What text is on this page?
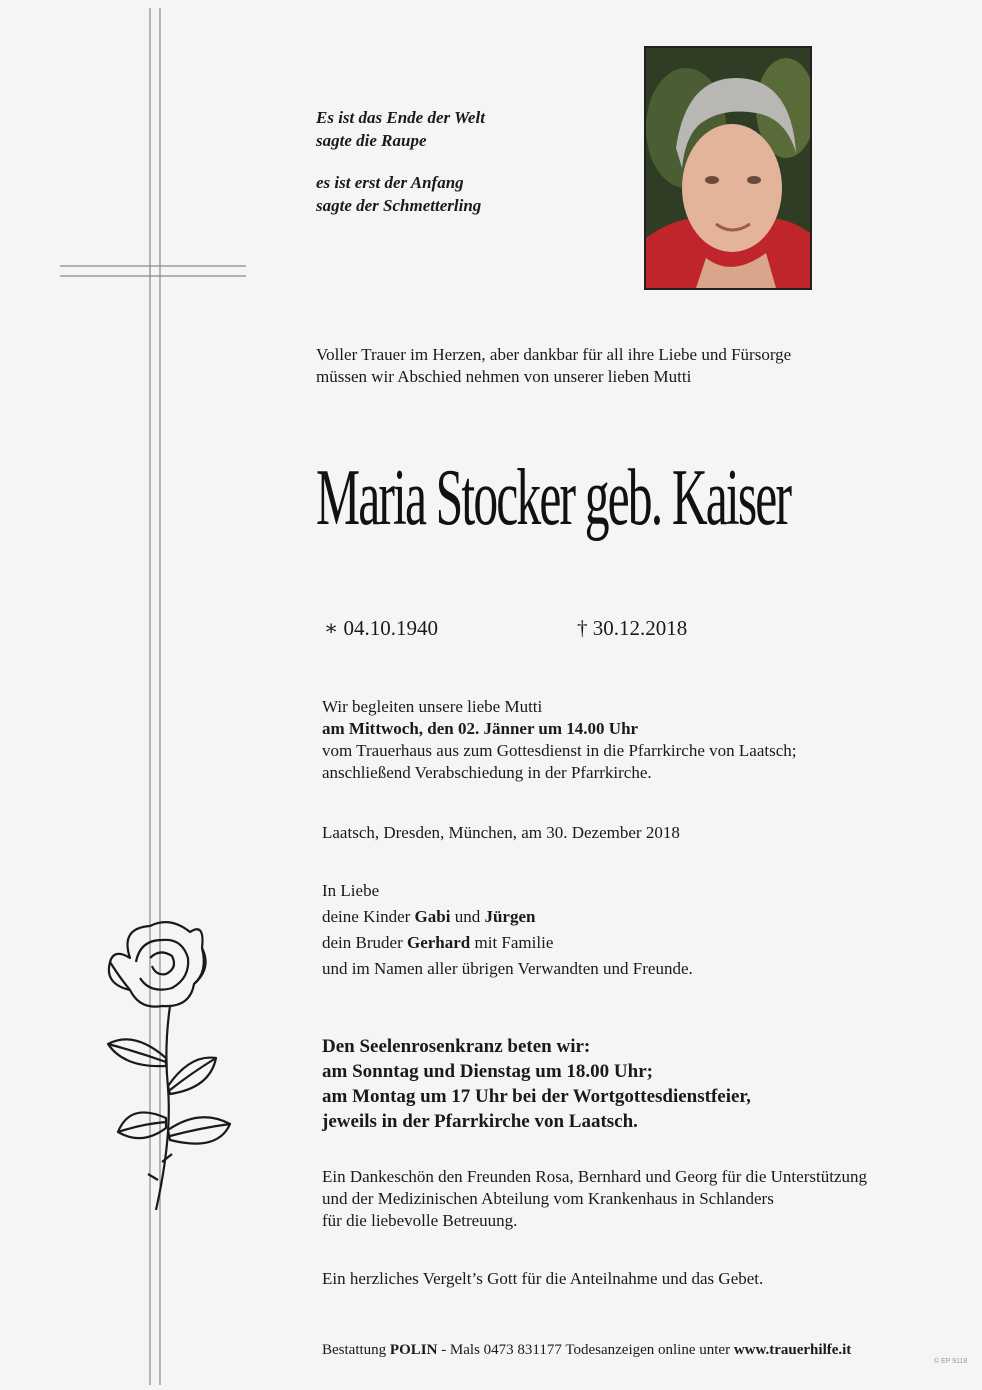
Es ist das Ende der Welt
sagte die Raupe

es ist erst der Anfang
sagte der Schmetterling

Voller Trauer im Herzen, aber dankbar für all ihre Liebe und Fürsorge

müssen wir Abschied nehmen von unserer lieben Mutti

Maria Stocker geb. Kaiser
∗ 04.10.1940	† 30.12.2018

Wir begleiten unsere liebe Mutti

am Mittwoch, den 02. Jänner um 14.00 Uhr

vom Trauerhaus aus zum Gottesdienst in die Pfarrkirche von Laatsch;

anschließend Verabschiedung in der Pfarrkirche.

Laatsch, Dresden, München, am 30. Dezember 2018

In Liebe

deine Kinder Gabi und Jürgen

dein Bruder Gerhard mit Familie

und im Namen aller übrigen Verwandten und Freunde.

Den Seelenrosenkranz beten wir:

am Sonntag und Dienstag um 18.00 Uhr;

am Montag um 17 Uhr bei der Wortgottesdienstfeier,

jeweils in der Pfarrkirche von Laatsch.

Ein Dankeschön den Freunden Rosa, Bernhard und Georg für die Unterstützung

und der Medizinischen Abteilung vom Krankenhaus in Schlanders

für die liebevolle Betreuung.

Ein herzliches Vergelt’s Gott für die Anteilnahme und das Gebet.
Bestattung POLIN - Mals 0473 831177 Todesanzeigen online unter www.trauerhilfe.it
© EP 9118
